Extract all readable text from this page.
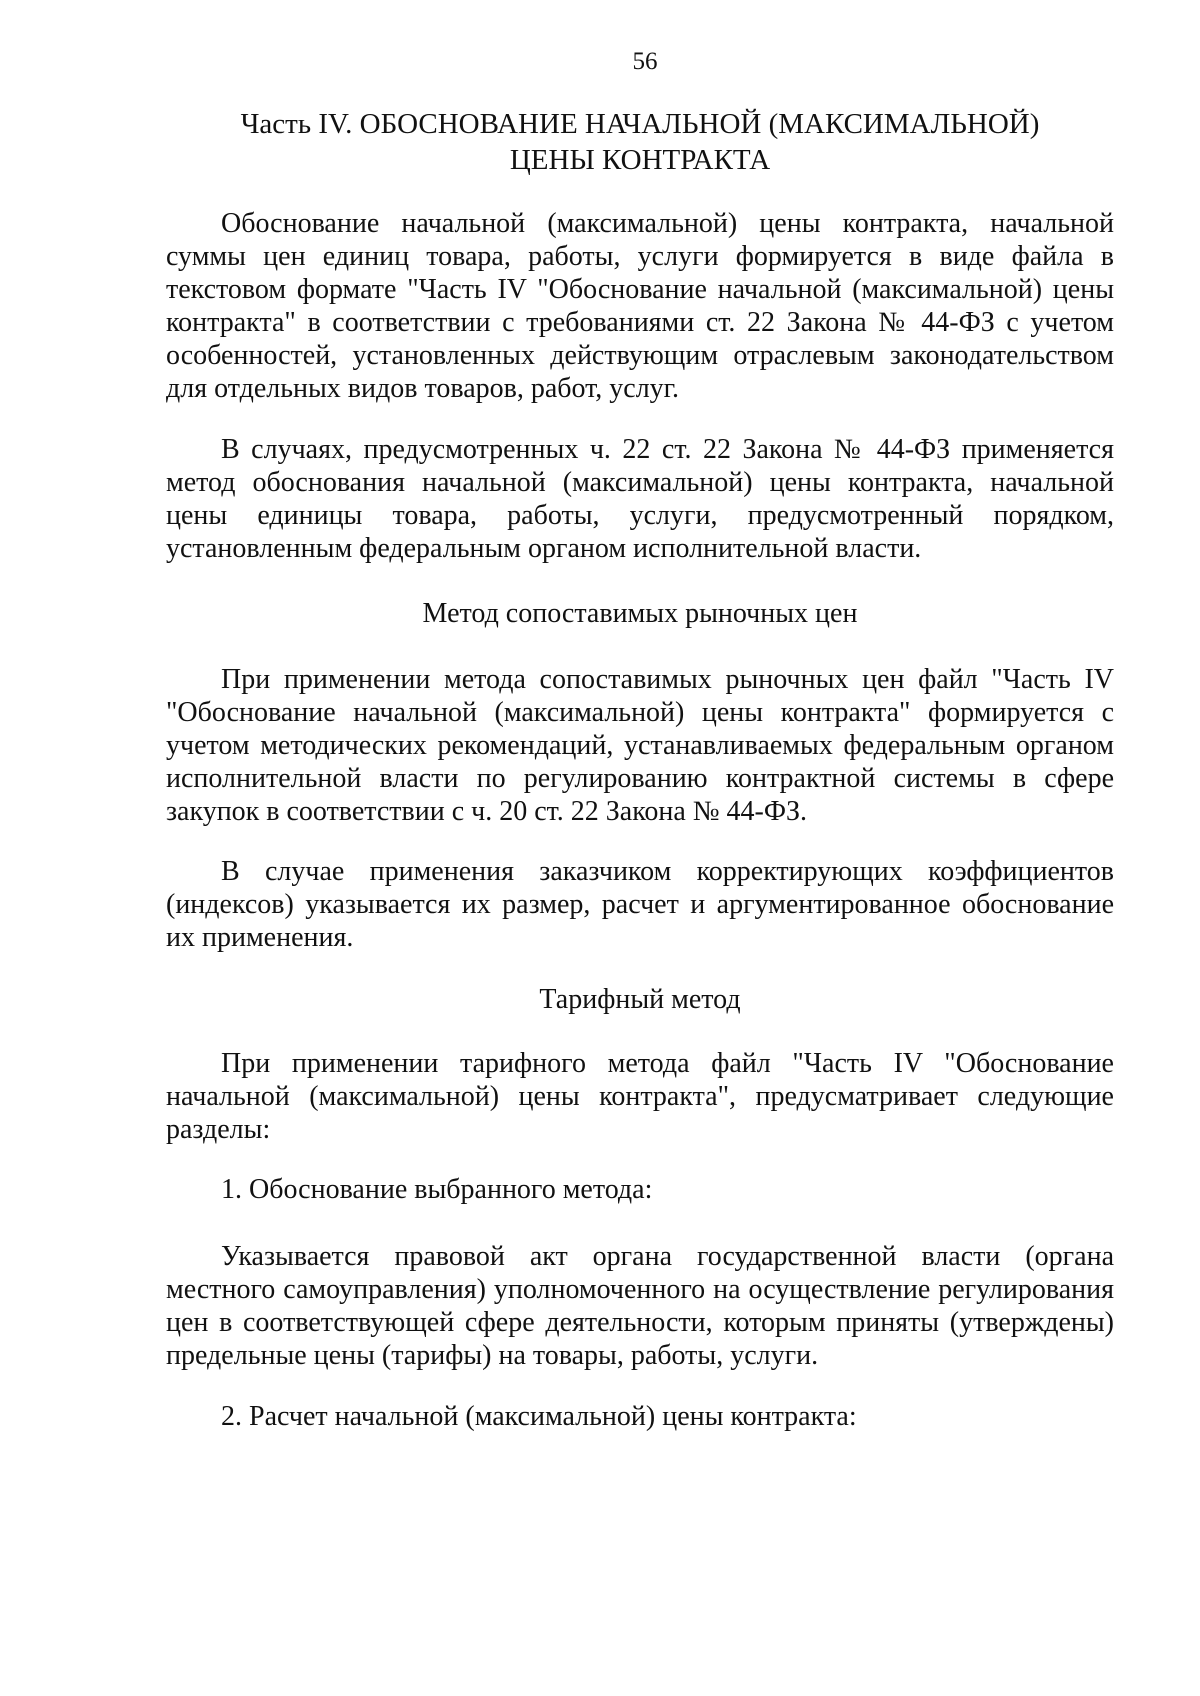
56
Часть IV. ОБОСНОВАНИЕ НАЧАЛЬНОЙ (МАКСИМАЛЬНОЙ)
ЦЕНЫ КОНТРАКТА

Обоснование начальной (максимальной) цены контракта, начальной суммы цен единиц товара, работы, услуги формируется в виде файла в текстовом формате "Часть IV "Обоснование начальной (максимальной) цены контракта" в соответствии с требованиями ст. 22 Закона № 44-ФЗ с учетом особенностей, установленных действующим отраслевым законодательством для отдельных видов товаров, работ, услуг.

В случаях, предусмотренных ч. 22 ст. 22 Закона № 44-ФЗ применяется метод обоснования начальной (максимальной) цены контракта, начальной цены единицы товара, работы, услуги, предусмотренный порядком, установленным федеральным органом исполнительной власти.

Метод сопоставимых рыночных цен

При применении метода сопоставимых рыночных цен файл "Часть IV "Обоснование начальной (максимальной) цены контракта" формируется с учетом методических рекомендаций, устанавливаемых федеральным органом исполнительной власти по регулированию контрактной системы в сфере закупок в соответствии с ч. 20 ст. 22 Закона № 44-ФЗ.

В случае применения заказчиком корректирующих коэффициентов (индексов) указывается их размер, расчет и аргументированное обоснование их применения.

Тарифный метод

При применении тарифного метода файл "Часть IV "Обоснование начальной (максимальной) цены контракта", предусматривает следующие разделы:

1. Обоснование выбранного метода:

Указывается правовой акт органа государственной власти (органа местного самоуправления) уполномоченного на осуществление регулирования цен в соответствующей сфере деятельности, которым приняты (утверждены) предельные цены (тарифы) на товары, работы, услуги.

2. Расчет начальной (максимальной) цены контракта:
